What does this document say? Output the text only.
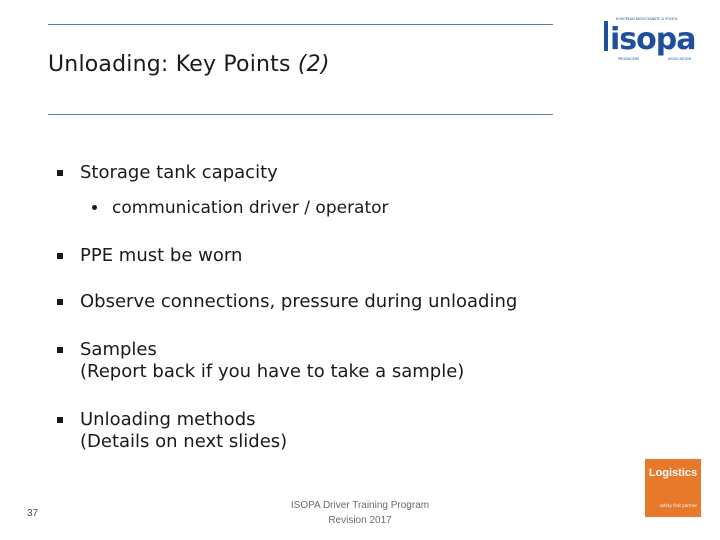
Unloading: Key Points (2)
isopa
EUROPEAN DIISOCYANATE & POLYOL
PRODUCERS	ASSOCIATION
Storage tank capacity
communication driver / operator
PPE must be worn
Observe connections, pressure during unloading
Samples
(Report back if you have to take a sample)
Unloading methods
(Details on next slides)
Logistics
safety first partner
37
ISOPA Driver Training Program
Revision 2017
